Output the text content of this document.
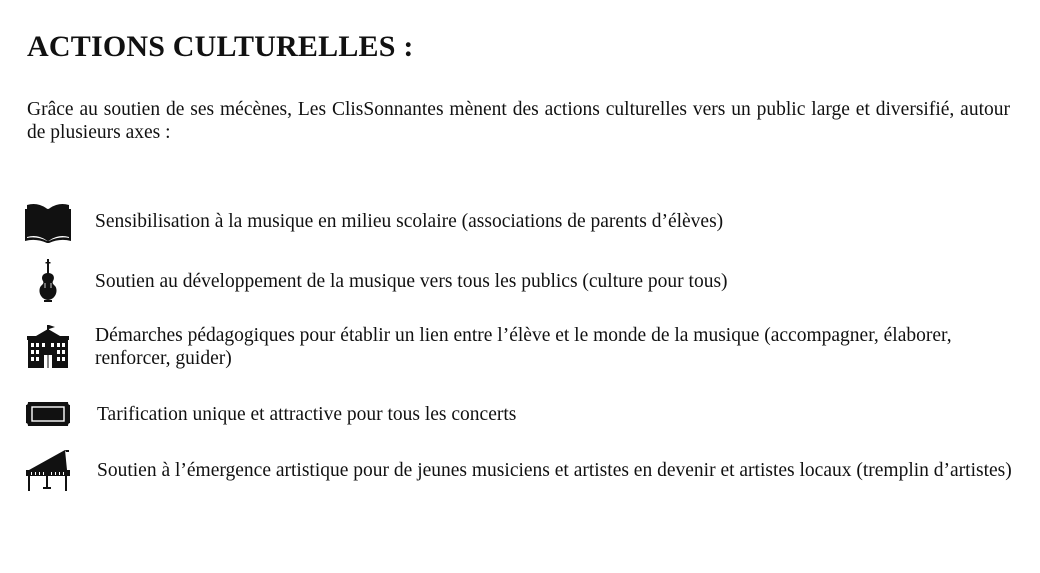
ACTIONS CULTURELLES :

Grâce au soutien de ses mécènes, Les ClisSonnantes mènent des actions culturelles vers un public large et diversifié, autour de plusieurs axes :

Sensibilisation à la musique en milieu scolaire (associations de parents d’élèves)
Soutien au développement de la musique vers tous les publics (culture pour tous)
Démarches pédagogiques pour établir un lien entre l’élève et le monde de la musique (accompagner, élaborer, renforcer, guider)
Tarification unique et attractive pour tous les concerts
Soutien à l’émergence artistique pour de jeunes musiciens et artistes en devenir et artistes locaux (tremplin d’artistes)
